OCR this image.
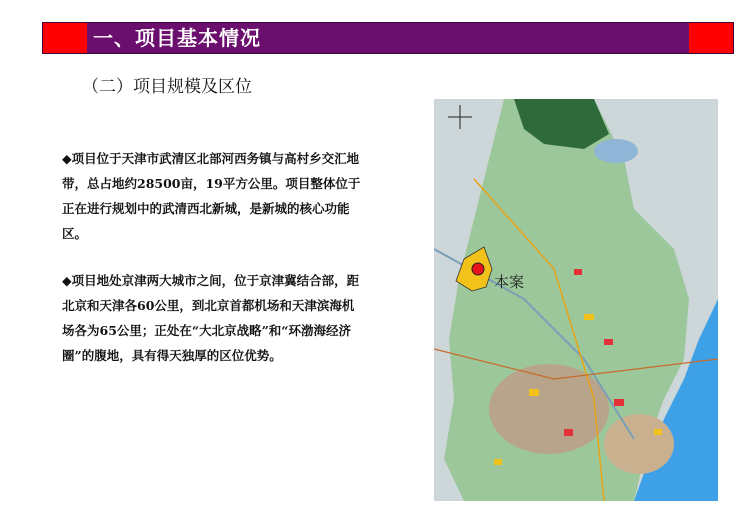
一、项目基本情况
（二）项目规模及区位

◆项目位于天津市武清区北部河西务镇与高村乡交汇地带，总占地约28500亩，19平方公里。项目整体位于正在进行规划中的武清西北新城，是新城的核心功能区。

◆项目地处京津两大城市之间，位于京津冀结合部，距北京和天津各60公里，到北京首都机场和天津滨海机场各为65公里；正处在“大北京战略”和“环渤海经济圈”的腹地，具有得天独厚的区位优势。

本案
